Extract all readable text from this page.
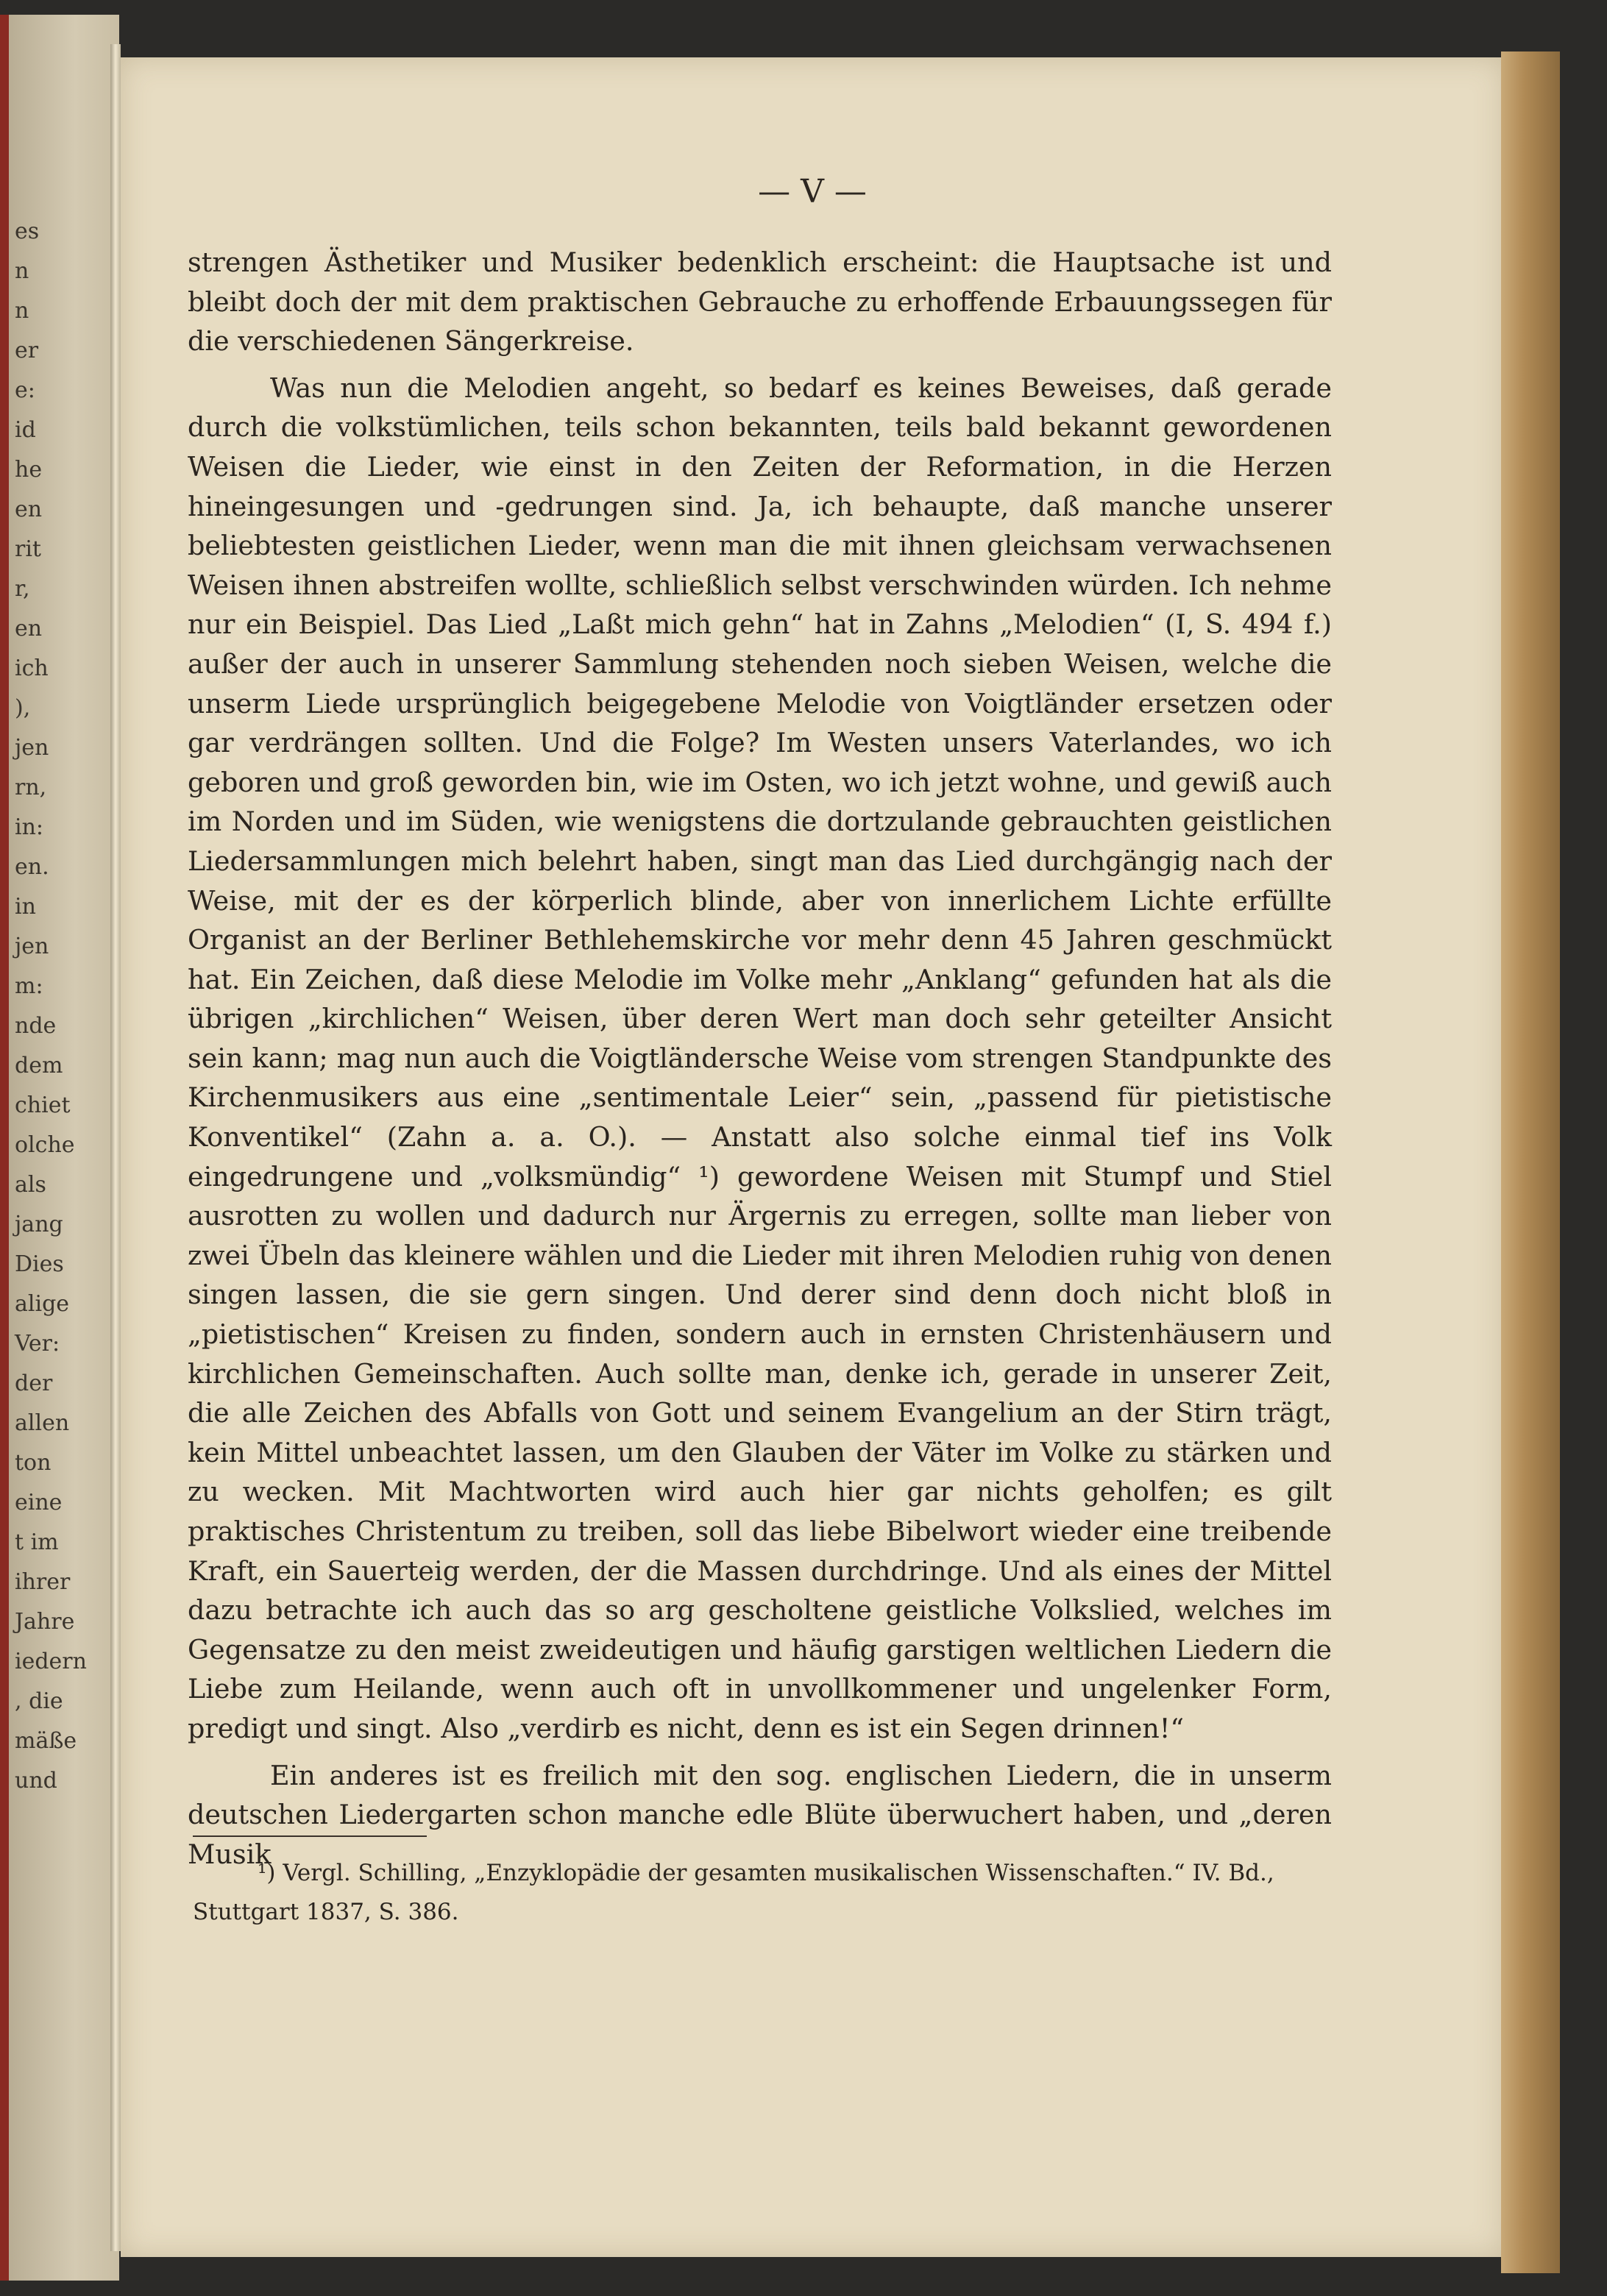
es
n
n
er
e:
id
he
en
rit
r,
en
ich
),
jen
rn,
in:
en.
in
jen
m:
nde
dem
chiet
olche
als
jang
Dies
alige
Ver:
der
allen
ton
eine
t im
ihrer
Jahre
iedern
, die
mäße
und
— V —

strengen Ästhetiker und Musiker bedenklich erscheint: die Hauptsache ist und bleibt doch der mit dem praktischen Gebrauche zu erhoffende Erbauungssegen für die verschiedenen Sängerkreise.

Was nun die Melodien angeht, so bedarf es keines Beweises, daß gerade durch die volkstümlichen, teils schon bekannten, teils bald bekannt gewordenen Weisen die Lieder, wie einst in den Zeiten der Reformation, in die Herzen hineingesungen und -gedrungen sind. Ja, ich behaupte, daß manche unserer beliebtesten geistlichen Lieder, wenn man die mit ihnen gleichsam verwachsenen Weisen ihnen abstreifen wollte, schließlich selbst verschwinden würden. Ich nehme nur ein Beispiel. Das Lied „Laßt mich gehn“ hat in Zahns „Melodien“ (I, S. 494 f.) außer der auch in unserer Sammlung stehenden noch sieben Weisen, welche die unserm Liede ursprünglich beigegebene Melodie von Voigtländer ersetzen oder gar verdrängen sollten. Und die Folge? Im Westen unsers Vaterlandes, wo ich geboren und groß geworden bin, wie im Osten, wo ich jetzt wohne, und gewiß auch im Norden und im Süden, wie wenigstens die dortzulande gebrauchten geistlichen Liedersammlungen mich belehrt haben, singt man das Lied durchgängig nach der Weise, mit der es der körperlich blinde, aber von innerlichem Lichte erfüllte Organist an der Berliner Bethlehemskirche vor mehr denn 45 Jahren geschmückt hat. Ein Zeichen, daß diese Melodie im Volke mehr „Anklang“ gefunden hat als die übrigen „kirchlichen“ Weisen, über deren Wert man doch sehr geteilter Ansicht sein kann; mag nun auch die Voigtländersche Weise vom strengen Standpunkte des Kirchenmusikers aus eine „sentimentale Leier“ sein, „passend für pietistische Konventikel“ (Zahn a. a. O.). — Anstatt also solche einmal tief ins Volk eingedrungene und „volksmündig“ ¹) gewordene Weisen mit Stumpf und Stiel ausrotten zu wollen und dadurch nur Ärgernis zu erregen, sollte man lieber von zwei Übeln das kleinere wählen und die Lieder mit ihren Melodien ruhig von denen singen lassen, die sie gern singen. Und derer sind denn doch nicht bloß in „pietistischen“ Kreisen zu finden, sondern auch in ernsten Christenhäusern und kirchlichen Gemeinschaften. Auch sollte man, denke ich, gerade in unserer Zeit, die alle Zeichen des Abfalls von Gott und seinem Evangelium an der Stirn trägt, kein Mittel unbeachtet lassen, um den Glauben der Väter im Volke zu stärken und zu wecken. Mit Machtworten wird auch hier gar nichts geholfen; es gilt praktisches Christentum zu treiben, soll das liebe Bibelwort wieder eine treibende Kraft, ein Sauerteig werden, der die Massen durchdringe. Und als eines der Mittel dazu betrachte ich auch das so arg gescholtene geistliche Volkslied, welches im Gegensatze zu den meist zweideutigen und häufig garstigen weltlichen Liedern die Liebe zum Heilande, wenn auch oft in unvollkommener und ungelenker Form, predigt und singt. Also „verdirb es nicht, denn es ist ein Segen drinnen!“

Ein anderes ist es freilich mit den sog. englischen Liedern, die in unserm deutschen Liedergarten schon manche edle Blüte überwuchert haben, und „deren Musik

¹) Vergl. Schilling, „Enzyklopädie der gesamten musikalischen Wissenschaften.“ IV. Bd.,
Stuttgart 1837, S. 386.
